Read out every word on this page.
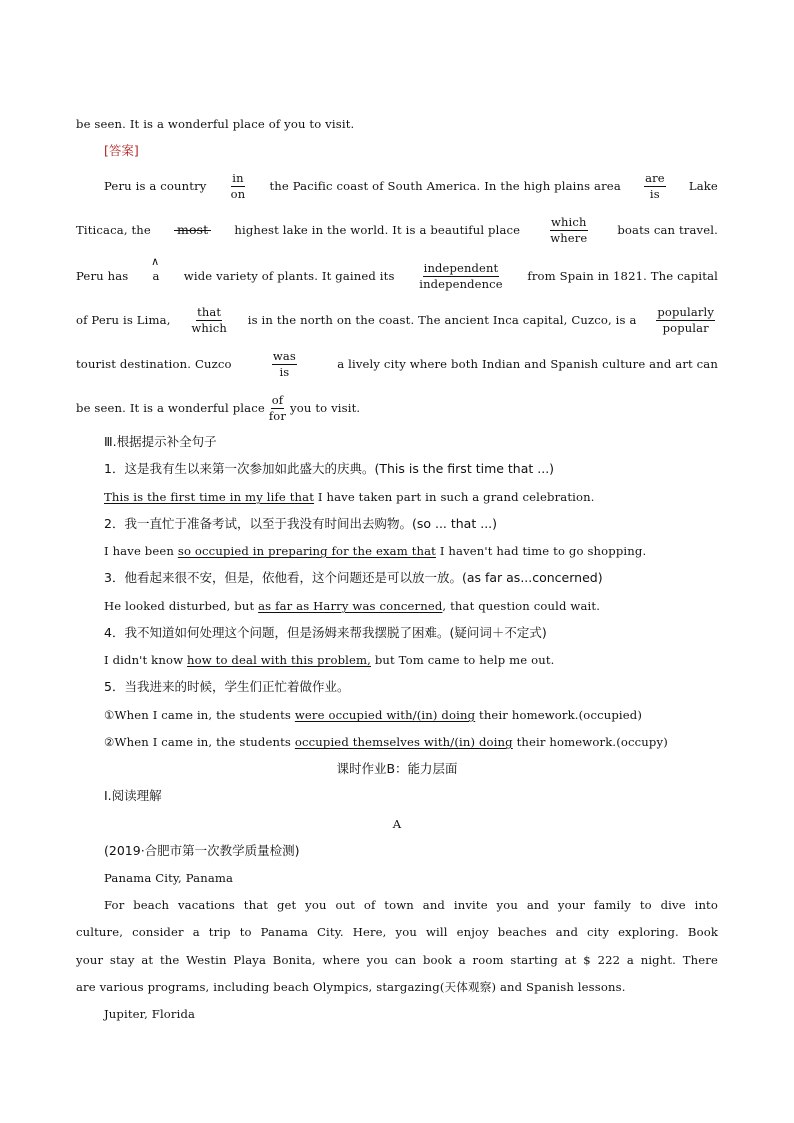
be seen. It is a wonderful place of you to visit.
[答案]
Peru is a country $\frac{in}{on}$ the Pacific coast of South America. In the high plains area $\frac{\text{are}}{is}$ Lake
Titicaca, the most highest lake in the world. It is a beautiful place	$\frac{\text{which}}{\text{where}}$	boats can travel.
Peru has
∧
a wide variety of plants. It gained its $\frac{\text{independent}}{\text{independence}}$ from Spain in 1821. The capital
of Peru is Lima, $\frac{\text{that}}{\text{which}}$ is in the north on the coast. The ancient Inca capital, Cuzco, is a $\frac{\text{popularly}}{\text{popular}}$
tourist destination. Cuzco	$\frac{\text{was}}{is}$	a lively city where both Indian and Spanish culture and art can
be seen. It is a wonderful place $\frac{of}{\text{for}}$ you to visit.
Ⅲ.根据提示补全句子
1．这是我有生以来第一次参加如此盛大的庆典。(This is the first time that ...)
This is the first time in my life that I have taken part in such a grand celebration.
2．我一直忙于准备考试，以至于我没有时间出去购物。(so ... that ...)
I have been so occupied in preparing for the exam that I haven't had time to go shopping.
3．他看起来很不安，但是，依他看，这个问题还是可以放一放。(as far as...concerned)
He looked disturbed, but as far as Harry was concerned, that question could wait.
4．我不知道如何处理这个问题，但是汤姆来帮我摆脱了困难。(疑问词＋不定式)
I didn't know how to deal with this problem, but Tom came to help me out.
5．当我进来的时候，学生们正忙着做作业。
①When I came in, the students were occupied with/(in) doing their homework.(occupied)
②When I came in, the students occupied themselves with/(in) doing their homework.(occupy)
课时作业B：能力层面
Ⅰ.阅读理解
A
(2019·合肥市第一次教学质量检测)
Panama City, Panama
For beach vacations that get you out of town and invite you and your family to dive into
culture, consider a trip to Panama City. Here, you will enjoy beaches and city exploring. Book
your stay at the Westin Playa Bonita, where you can book a room starting at $ 222 a night. There
are various programs, including beach Olympics, stargazing(天体观察) and Spanish lessons.
Jupiter, Florida
